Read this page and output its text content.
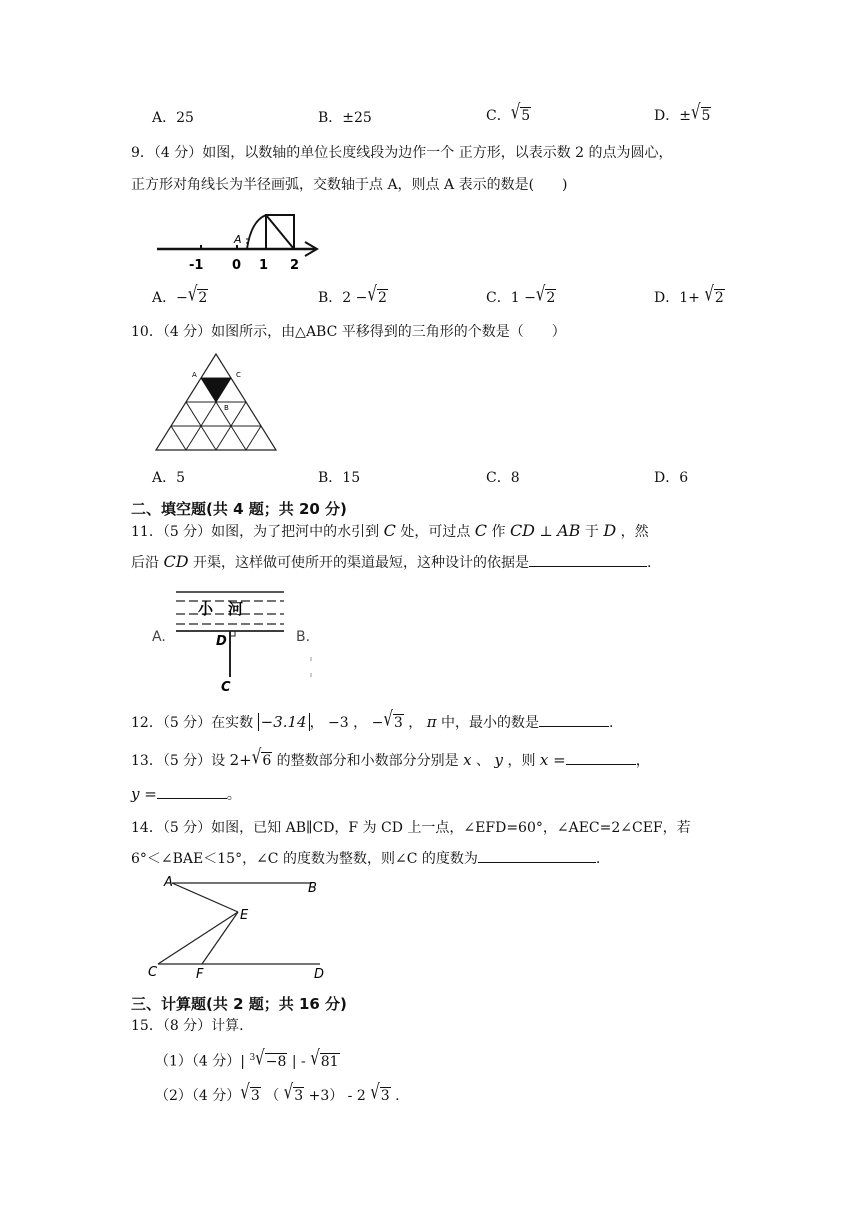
A．25	B．±25	C． √ 5	D．± √ 5
9．（4 分）如图，以数轴的单位长度线段为边作一个 正方形，以表示数 2 的点为圆心，
正方形对角线长为半径画弧，交数轴于点 A，则点 A 表示的数是(　　)
A
-1 0 1 2
A．− √ 2	B．2 − √ 2	C．1 − √ 2	D．1+ √ 2
10．（4 分）如图所示，由△ABC 平移得到的三角形的个数是（　　）
A	C
B
A．5	B．15	C．8	D．6
二、填空题(共 4 题；共 20 分)
11．（5 分）如图，为了把河中的水引到 C 处，可过点 C 作 CD ⊥ AB 于 D ，然
后沿 CD 开渠，这样做可使所开的渠道最短，这种设计的依据是	.
小　河
A.	B.
D
C
12．（5 分）在实数 −3.14 ， −3 ， − √ 3 ， π 中，最小的数是	.
13．（5 分）设 2+ √ 6 的整数部分和小数部分分别是 x 、 y ，则 x =	，
y =	。
14．（5 分）如图，已知 AB∥CD，F 为 CD 上一点，∠EFD=60°，∠AEC=2∠CEF，若
6°＜∠BAE＜15°，∠C 的度数为整数，则∠C 的度数为	.
A	B
E
C	F	D
三、计算题(共 2 题；共 16 分)
15．（8 分）计算.
（1）（4 分）| $^3$ √ −8 | - √ 81
（2）（4 分） √ 3 （ √ 3 +3） - 2 √ 3 .
